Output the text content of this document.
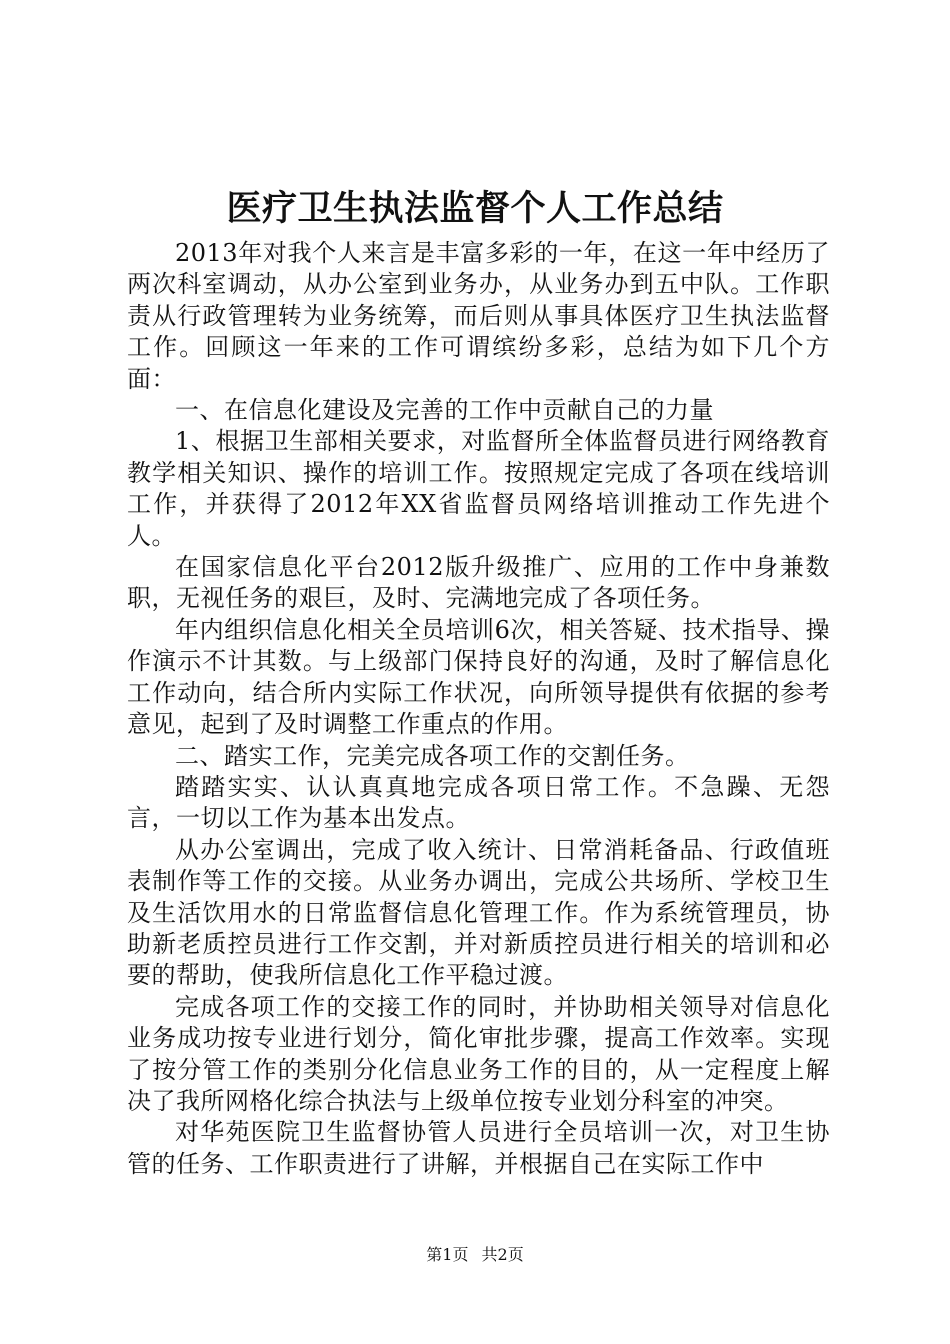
医疗卫生执法监督个人工作总结

2013年对我个人来言是丰富多彩的一年，在这一年中经历了两次科室调动，从办公室到业务办，从业务办到五中队。工作职责从行政管理转为业务统筹，而后则从事具体医疗卫生执法监督工作。回顾这一年来的工作可谓缤纷多彩，总结为如下几个方面：

一、在信息化建设及完善的工作中贡献自己的力量

1、根据卫生部相关要求，对监督所全体监督员进行网络教育教学相关知识、操作的培训工作。按照规定完成了各项在线培训工作，并获得了2012年XX省监督员网络培训推动工作先进个人。

在国家信息化平台2012版升级推广、应用的工作中身兼数职，无视任务的艰巨，及时、完满地完成了各项任务。

年内组织信息化相关全员培训6次，相关答疑、技术指导、操作演示不计其数。与上级部门保持良好的沟通，及时了解信息化工作动向，结合所内实际工作状况，向所领导提供有依据的参考意见，起到了及时调整工作重点的作用。

二、踏实工作，完美完成各项工作的交割任务。

踏踏实实、认认真真地完成各项日常工作。不急躁、无怨言，一切以工作为基本出发点。

从办公室调出，完成了收入统计、日常消耗备品、行政值班表制作等工作的交接。从业务办调出，完成公共场所、学校卫生及生活饮用水的日常监督信息化管理工作。作为系统管理员，协助新老质控员进行工作交割，并对新质控员进行相关的培训和必要的帮助，使我所信息化工作平稳过渡。

完成各项工作的交接工作的同时，并协助相关领导对信息化业务成功按专业进行划分，简化审批步骤，提高工作效率。实现了按分管工作的类别分化信息业务工作的目的，从一定程度上解决了我所网格化综合执法与上级单位按专业划分科室的冲突。

对华苑医院卫生监督协管人员进行全员培训一次，对卫生协管的任务、工作职责进行了讲解，并根据自己在实际工作中

第1页 共2页
